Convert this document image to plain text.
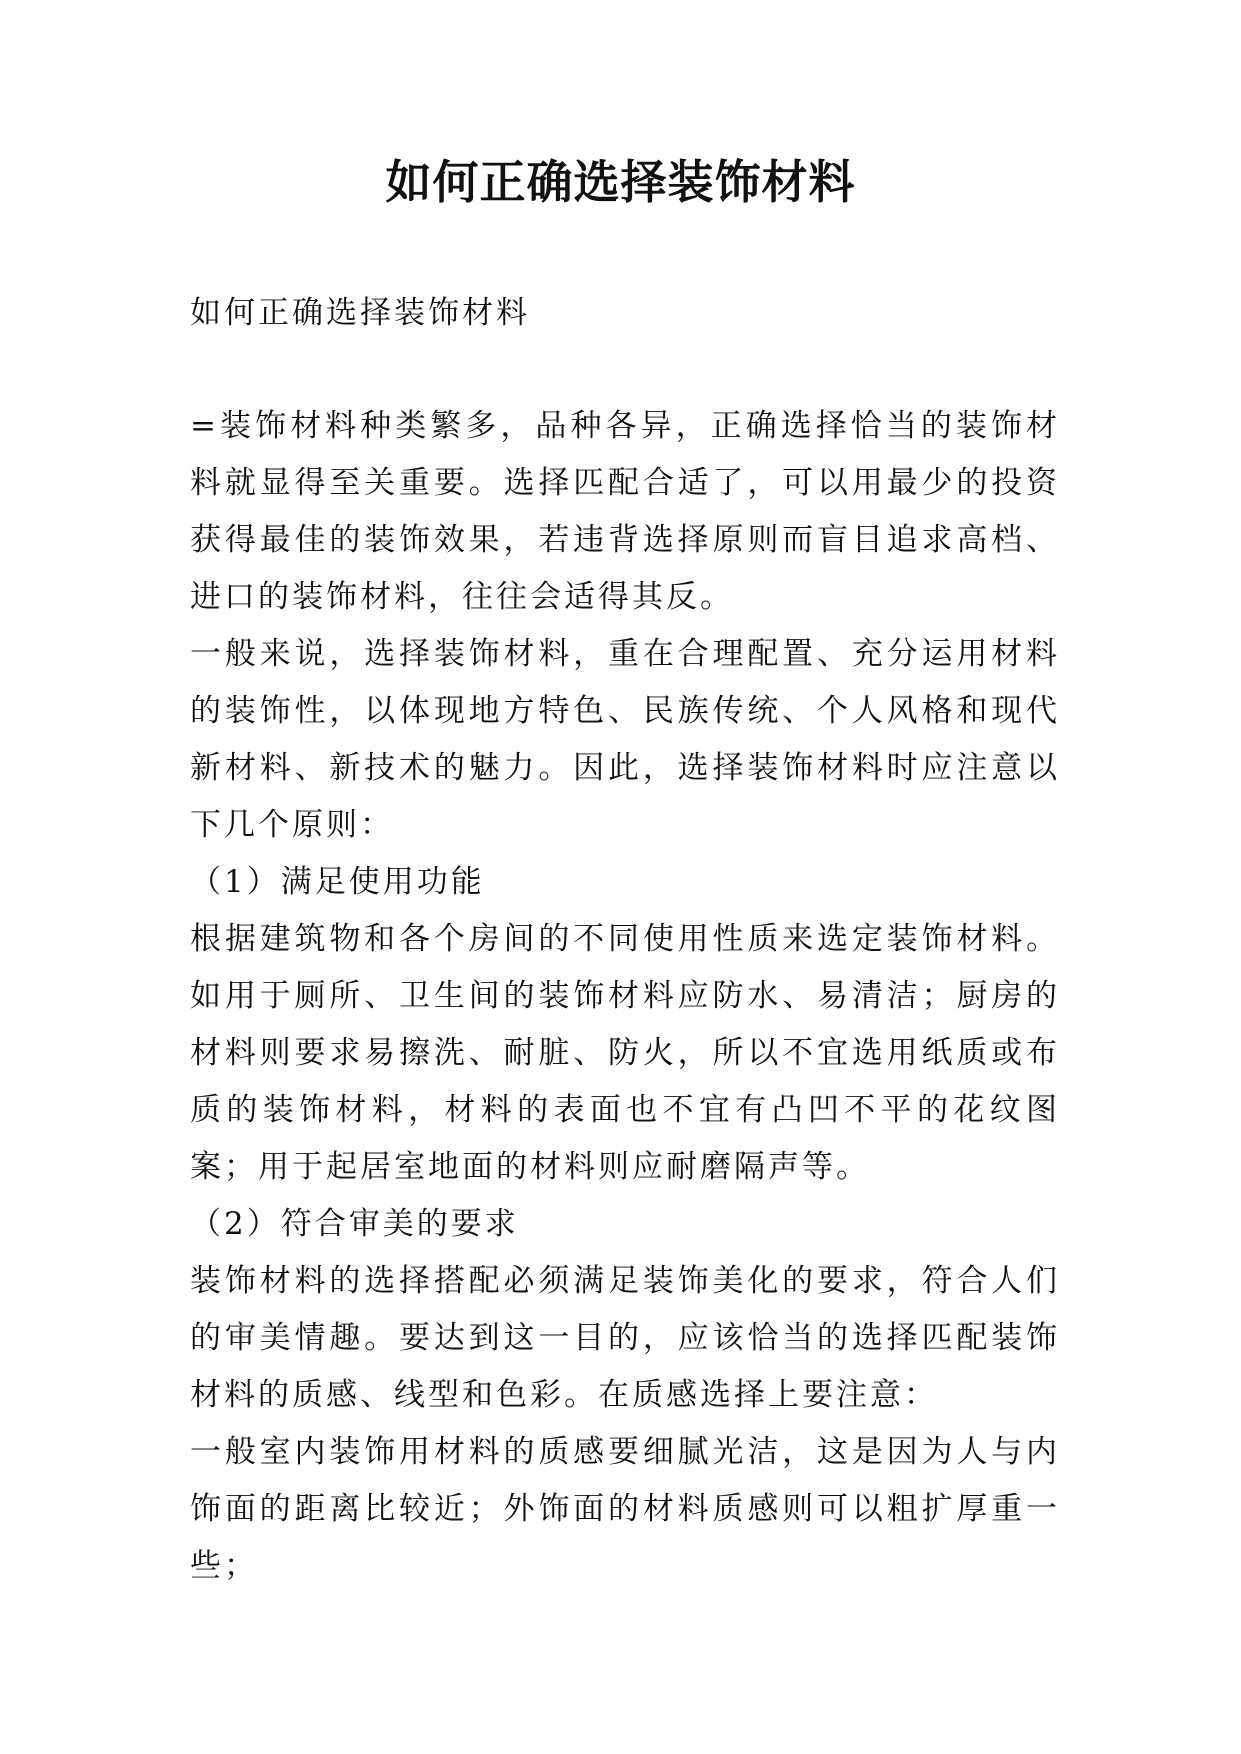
如何正确选择装饰材料

如何正确选择装饰材料

=装饰材料种类繁多，品种各异，正确选择恰当的装饰材料就显得至关重要。选择匹配合适了，可以用最少的投资获得最佳的装饰效果，若违背选择原则而盲目追求高档、进口的装饰材料，往往会适得其反。

一般来说，选择装饰材料，重在合理配置、充分运用材料的装饰性，以体现地方特色、民族传统、个人风格和现代新材料、新技术的魅力。因此，选择装饰材料时应注意以下几个原则：

（1）满足使用功能

根据建筑物和各个房间的不同使用性质来选定装饰材料。如用于厕所、卫生间的装饰材料应防水、易清洁；厨房的材料则要求易擦洗、耐脏、防火，所以不宜选用纸质或布质的装饰材料，材料的表面也不宜有凸凹不平的花纹图案；用于起居室地面的材料则应耐磨隔声等。

（2）符合审美的要求

装饰材料的选择搭配必须满足装饰美化的要求，符合人们的审美情趣。要达到这一目的，应该恰当的选择匹配装饰材料的质感、线型和色彩。在质感选择上要注意：

一般室内装饰用材料的质感要细腻光洁，这是因为人与内饰面的距离比较近；外饰面的材料质感则可以粗扩厚重一些；
